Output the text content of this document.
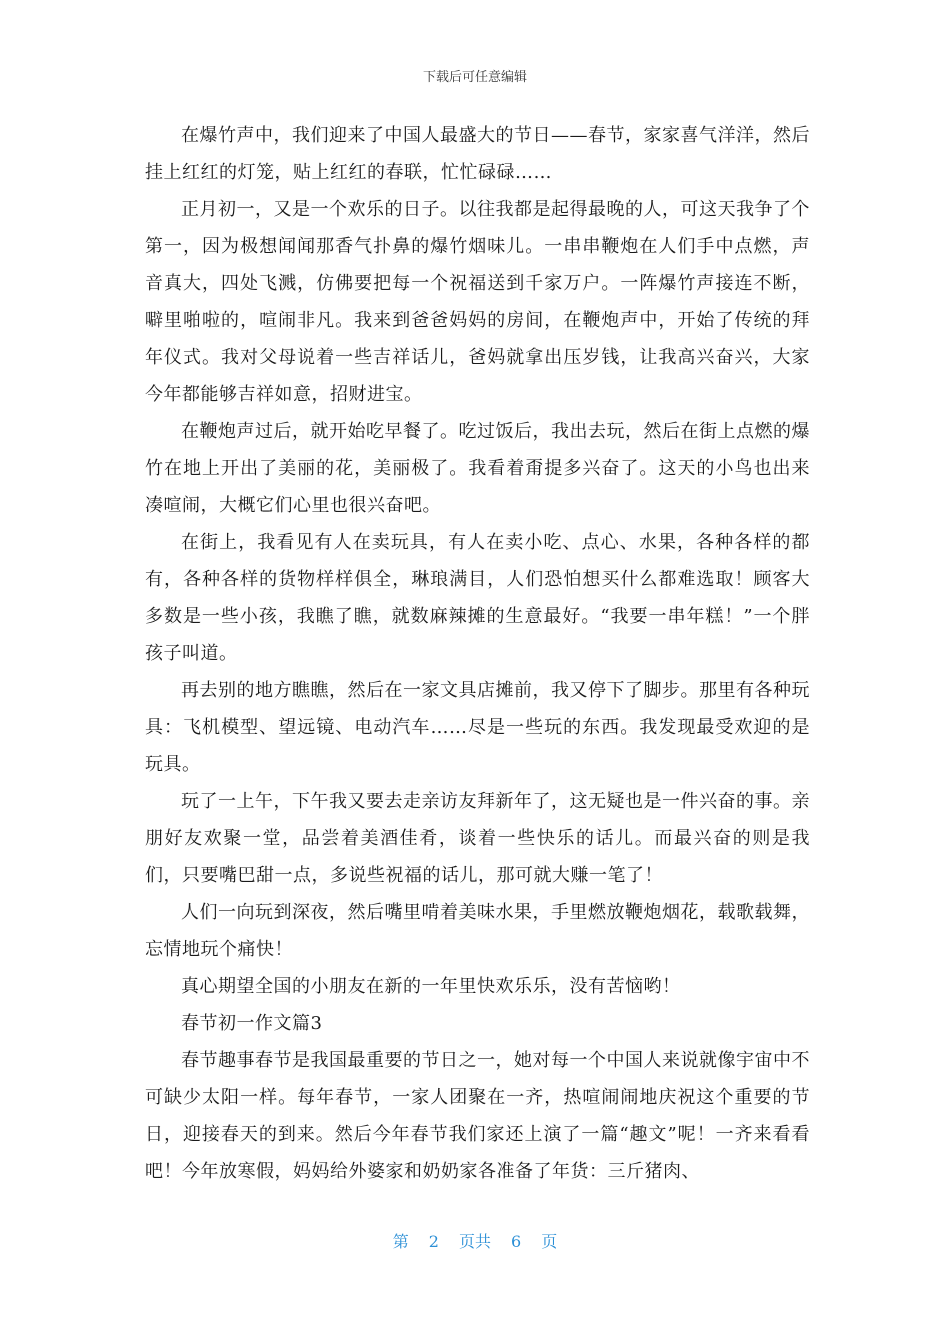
下载后可任意编辑

在爆竹声中，我们迎来了中国人最盛大的节日——春节，家家喜气洋洋，然后挂上红红的灯笼，贴上红红的春联，忙忙碌碌……

正月初一，又是一个欢乐的日子。以往我都是起得最晚的人，可这天我争了个第一，因为极想闻闻那香气扑鼻的爆竹烟味儿。一串串鞭炮在人们手中点燃，声音真大，四处飞溅，仿佛要把每一个祝福送到千家万户。一阵爆竹声接连不断，噼里啪啦的，喧闹非凡。我来到爸爸妈妈的房间，在鞭炮声中，开始了传统的拜年仪式。我对父母说着一些吉祥话儿，爸妈就拿出压岁钱，让我高兴奋兴，大家今年都能够吉祥如意，招财进宝。

在鞭炮声过后，就开始吃早餐了。吃过饭后，我出去玩，然后在街上点燃的爆竹在地上开出了美丽的花，美丽极了。我看着甭提多兴奋了。这天的小鸟也出来凑喧闹，大概它们心里也很兴奋吧。

在街上，我看见有人在卖玩具，有人在卖小吃、点心、水果，各种各样的都有，各种各样的货物样样俱全，琳琅满目，人们恐怕想买什么都难选取！顾客大多数是一些小孩，我瞧了瞧，就数麻辣摊的生意最好。“我要一串年糕！”一个胖孩子叫道。

再去别的地方瞧瞧，然后在一家文具店摊前，我又停下了脚步。那里有各种玩具：飞机模型、望远镜、电动汽车……尽是一些玩的东西。我发现最受欢迎的是玩具。

玩了一上午，下午我又要去走亲访友拜新年了，这无疑也是一件兴奋的事。亲朋好友欢聚一堂，品尝着美酒佳肴，谈着一些快乐的话儿。而最兴奋的则是我们，只要嘴巴甜一点，多说些祝福的话儿，那可就大赚一笔了！

人们一向玩到深夜，然后嘴里啃着美味水果，手里燃放鞭炮烟花，载歌载舞，忘情地玩个痛快！

真心期望全国的小朋友在新的一年里快欢乐乐，没有苦恼哟！

春节初一作文篇3

春节趣事春节是我国最重要的节日之一，她对每一个中国人来说就像宇宙中不可缺少太阳一样。每年春节，一家人团聚在一齐，热喧闹闹地庆祝这个重要的节日，迎接春天的到来。然后今年春节我们家还上演了一篇“趣文”呢！一齐来看看吧！今年放寒假，妈妈给外婆家和奶奶家各准备了年货：三斤猪肉、

第 2 页共 6 页
